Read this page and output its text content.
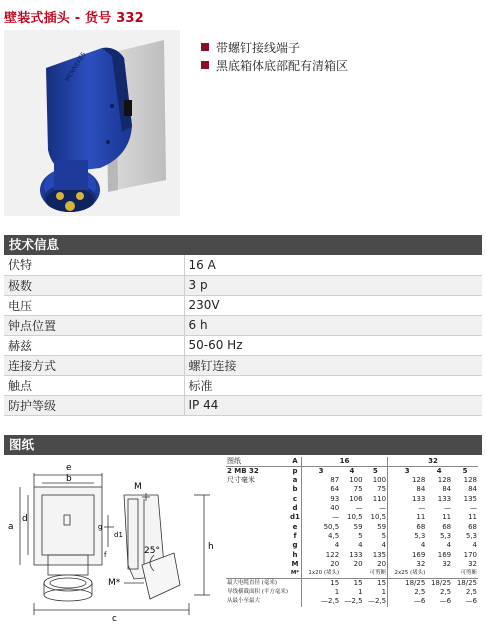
壁装式插头 - 货号 332
MENNEKES
带螺钉接线端子
黑底箱体底部配有清箱区
技术信息
伏特	16 A
极数	3 p
电压	230V
钟点位置	6 h
赫兹	50-60 Hz
连接方式	螺钉连接
触点	标准
防护等级	IP 44
图纸
e
b
a
d
d1
g
f
M
M*
25°	h
c
图纸	A	16			32		
2 MB 32	p	3	4	5	3	4	5
尺寸毫米	a	87	100	100	128	128	128
	b	64	75	75	84	84	84
	c	93	106	110	133	133	135
	d	40	—	—	—	—	—
	d1	—	10,5	10,5	11	11	11
	e	50,5	59	59	68	68	68
	f	4,5	5	5	5,3	5,3	5,3
	g	4	4	4	4	4	4
	h	122	133	135	169	169	170
	M	20	20	20	32	32	32
	M*	1x20 (堵头)		可剪断	2x25 (堵头)		可剪断
最大电缆直径 (毫米)		15	15	15	18/25	18/25	18/25
导线横截面积 (平方毫米)		1	1	1	2,5	2,5	2,5
从最小至最大		—2,5	—2,5	—2,5	—6	—6	—6
